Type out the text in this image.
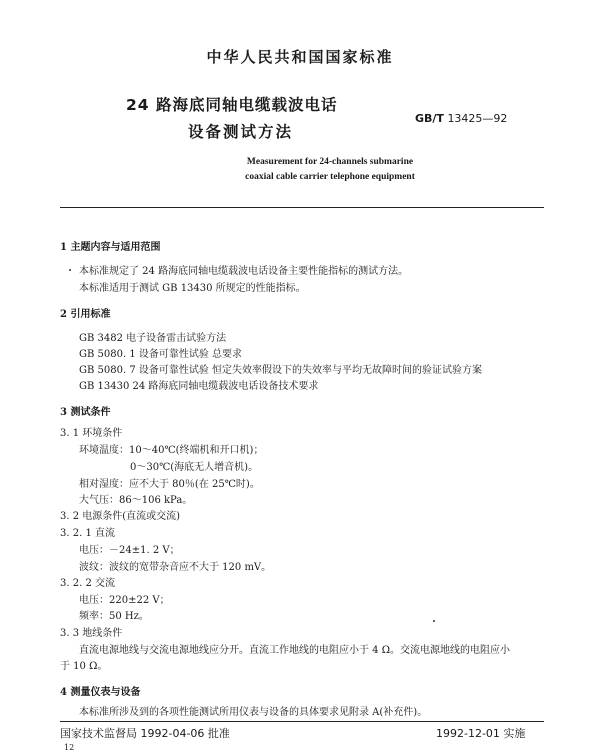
中华人民共和国国家标准
24 路海底同轴电缆载波电话
设备测试方法
GB/T 13425—92
Measurement for 24-channels submarine
coaxial cable carrier telephone equipment
1 主题内容与适用范围
本标准规定了 24 路海底同轴电缆载波电话设备主要性能指标的测试方法。
本标准适用于测试 GB 13430 所规定的性能指标。
2 引用标准
GB 3482 电子设备雷击试验方法
GB 5080. 1 设备可靠性试验 总要求
GB 5080. 7 设备可靠性试验 恒定失效率假设下的失效率与平均无故障时间的验证试验方案
GB 13430 24 路海底同轴电缆载波电话设备技术要求
3 测试条件
3. 1 环境条件
环境温度：10～40℃(终端机和开口机)；
0～30℃(海底无人增音机)。
相对湿度：应不大于 80％(在 25℃时)。
大气压：86～106 kPa。
3. 2 电源条件(直流或交流)
3. 2. 1 直流
电压：－24±1. 2 V；
波纹：波纹的宽带杂音应不大于 120 mV。
3. 2. 2 交流
电压：220±22 V；
频率：50 Hz。
3. 3 地线条件
直流电源地线与交流电源地线应分开。直流工作地线的电阻应小于 4 Ω。交流电源地线的电阻应小
于 10 Ω。
4 测量仪表与设备
本标准所涉及到的各项性能测试所用仪表与设备的具体要求见附录 A(补充件)。
国家技术监督局 1992-04-06 批准	1992-12-01 实施
12
